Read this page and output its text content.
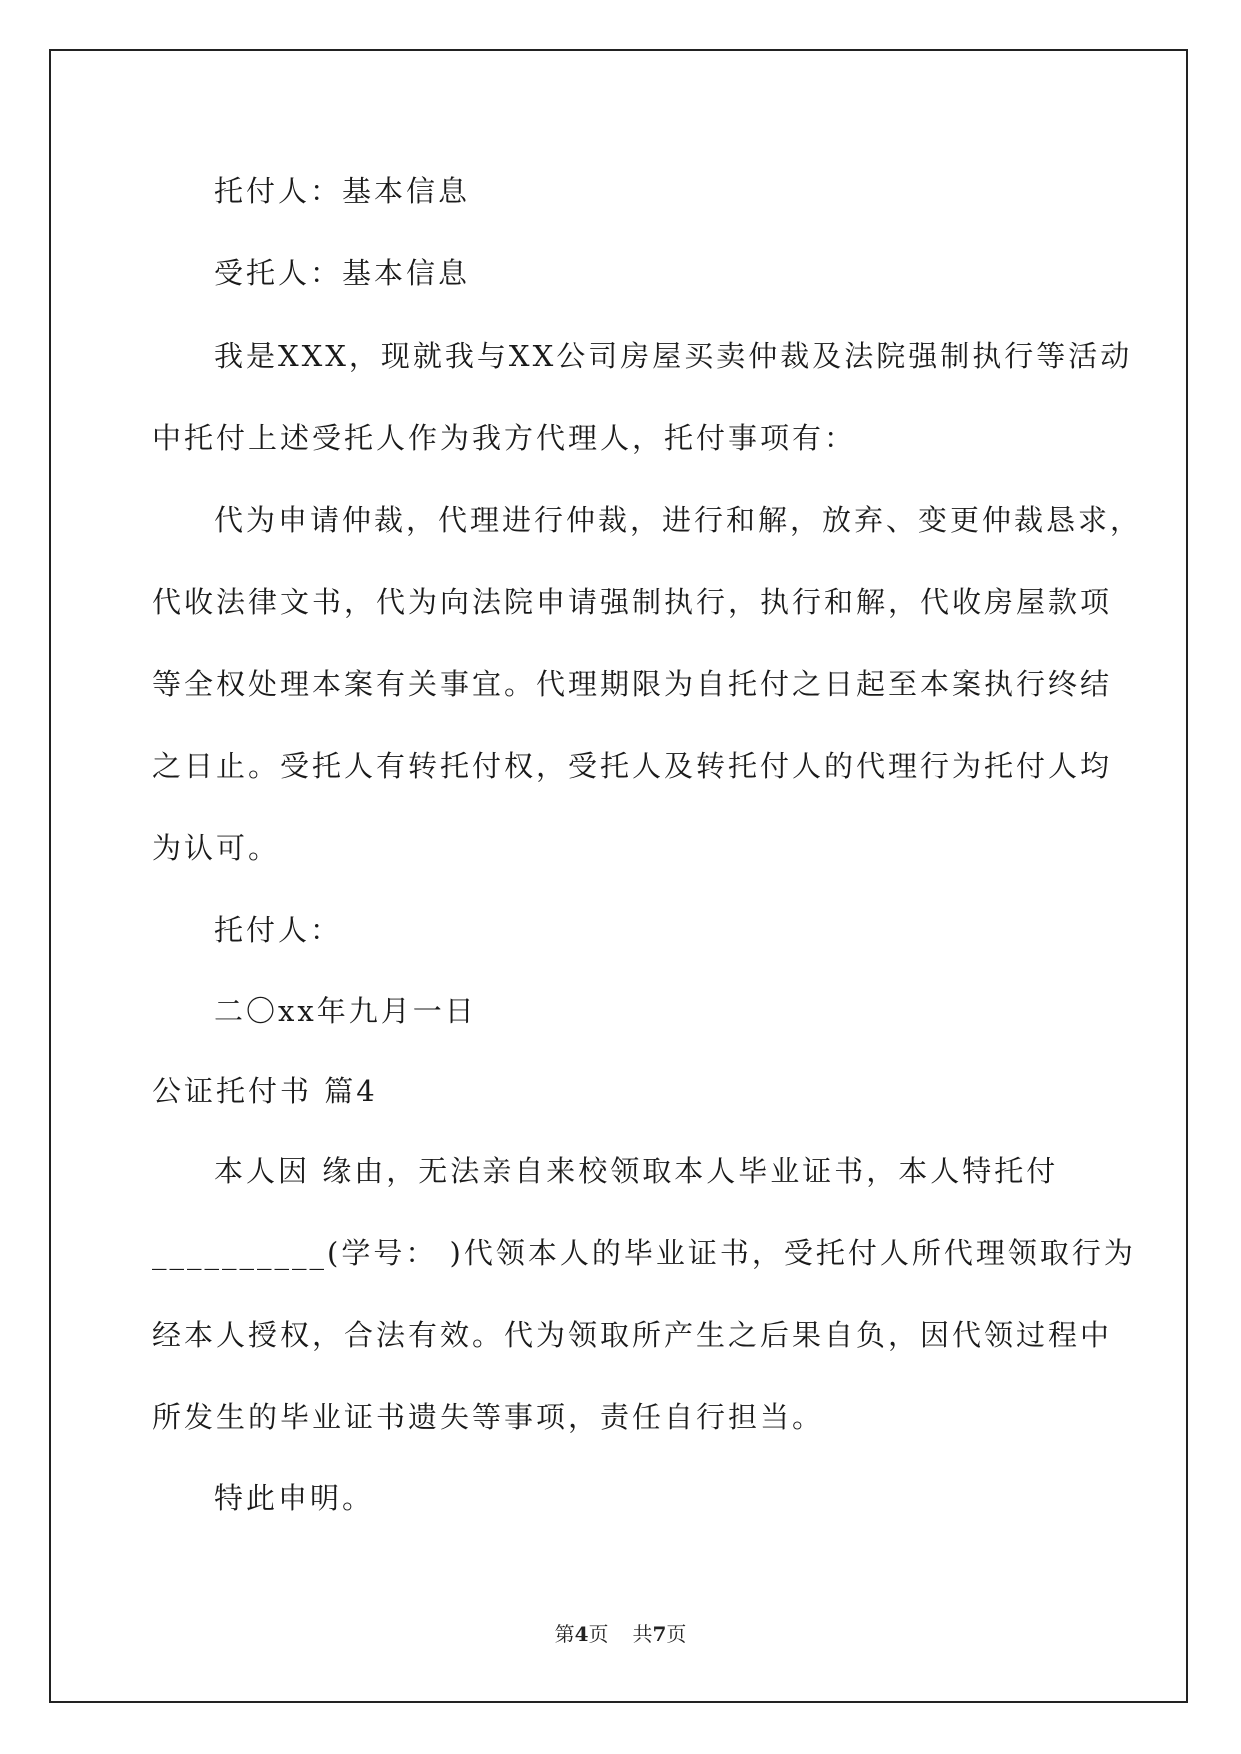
托付人：基本信息
受托人：基本信息
我是XXX，现就我与XX公司房屋买卖仲裁及法院强制执行等活动
中托付上述受托人作为我方代理人，托付事项有：
代为申请仲裁，代理进行仲裁，进行和解，放弃、变更仲裁恳求，
代收法律文书，代为向法院申请强制执行，执行和解，代收房屋款项
等全权处理本案有关事宜。代理期限为自托付之日起至本案执行终结
之日止。受托人有转托付权，受托人及转托付人的代理行为托付人均
为认可。
托付人：
二〇xx年九月一日
公证托付书 篇4
本人因 缘由，无法亲自来校领取本人毕业证书，本人特托付
__________(学号： )代领本人的毕业证书，受托付人所代理领取行为
经本人授权，合法有效。代为领取所产生之后果自负，因代领过程中
所发生的毕业证书遗失等事项，责任自行担当。
特此申明。
第4页 共7页
